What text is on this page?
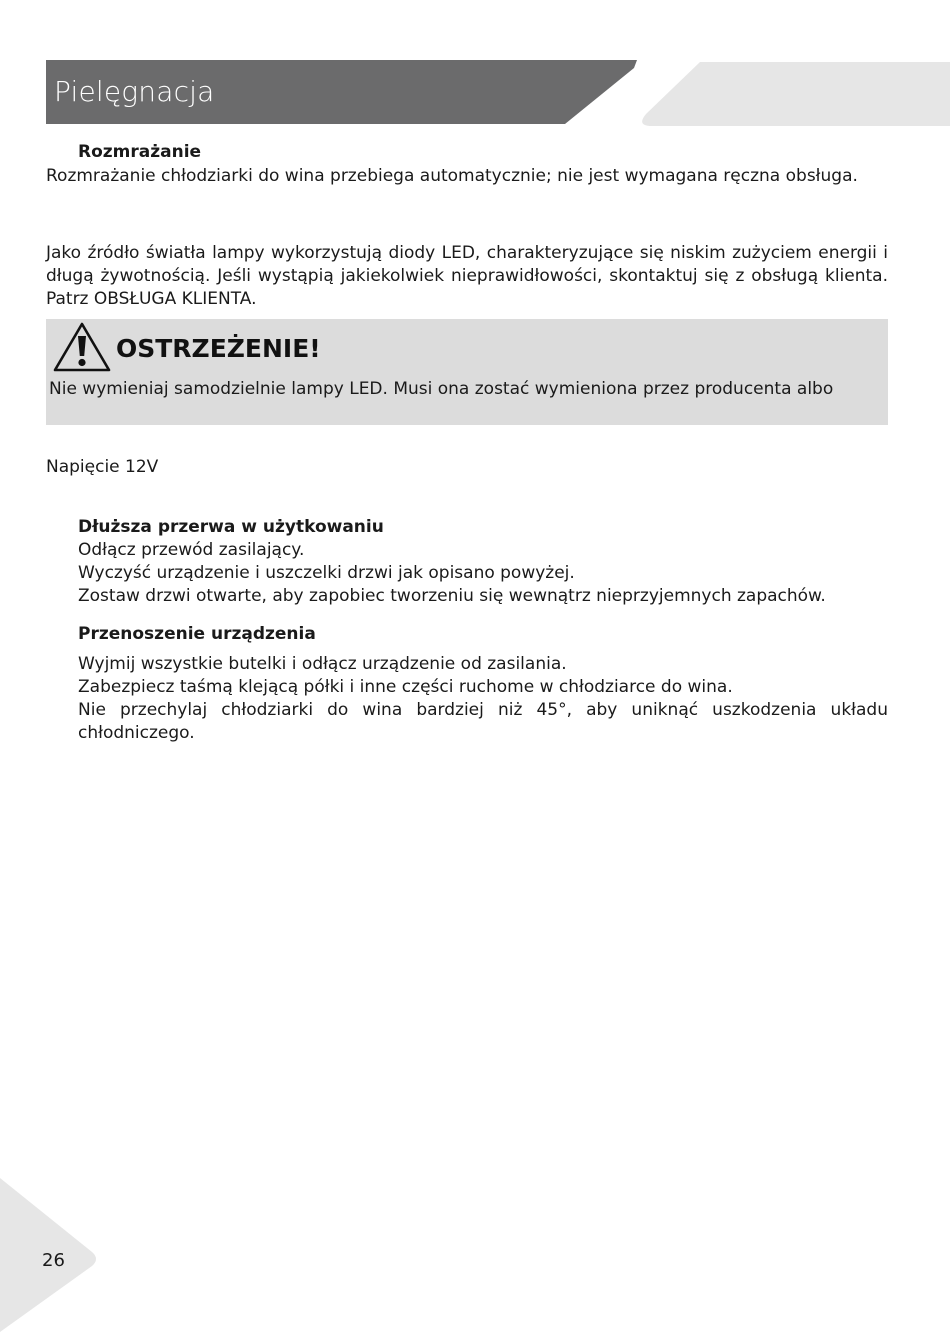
Pielęgnacja
Rozmrażanie
Rozmrażanie chłodziarki do wina przebiega automatycznie; nie jest wymagana ręczna obsługa.
Jako źródło światła lampy wykorzystują diody LED, charakteryzujące się niskim zużyciem energii i długą żywotnością. Jeśli wystąpią jakiekolwiek nieprawidłowości, skontaktuj się z obsługą klienta. Patrz OBSŁUGA KLIENTA.
OSTRZEŻENIE!
Nie wymieniaj samodzielnie lampy LED. Musi ona zostać wymieniona przez producenta albo
Napięcie 12V
Dłuższa przerwa w użytkowaniu
Odłącz przewód zasilający.
Wyczyść urządzenie i uszczelki drzwi jak opisano powyżej.
Zostaw drzwi otwarte, aby zapobiec tworzeniu się wewnątrz nieprzyjemnych zapachów.
Przenoszenie urządzenia
Wyjmij wszystkie butelki i odłącz urządzenie od zasilania.
Zabezpiecz taśmą klejącą półki i inne części ruchome w chłodziarce do wina.
Nie przechylaj chłodziarki do wina bardziej niż 45°, aby uniknąć uszkodzenia układu chłodniczego.
26
